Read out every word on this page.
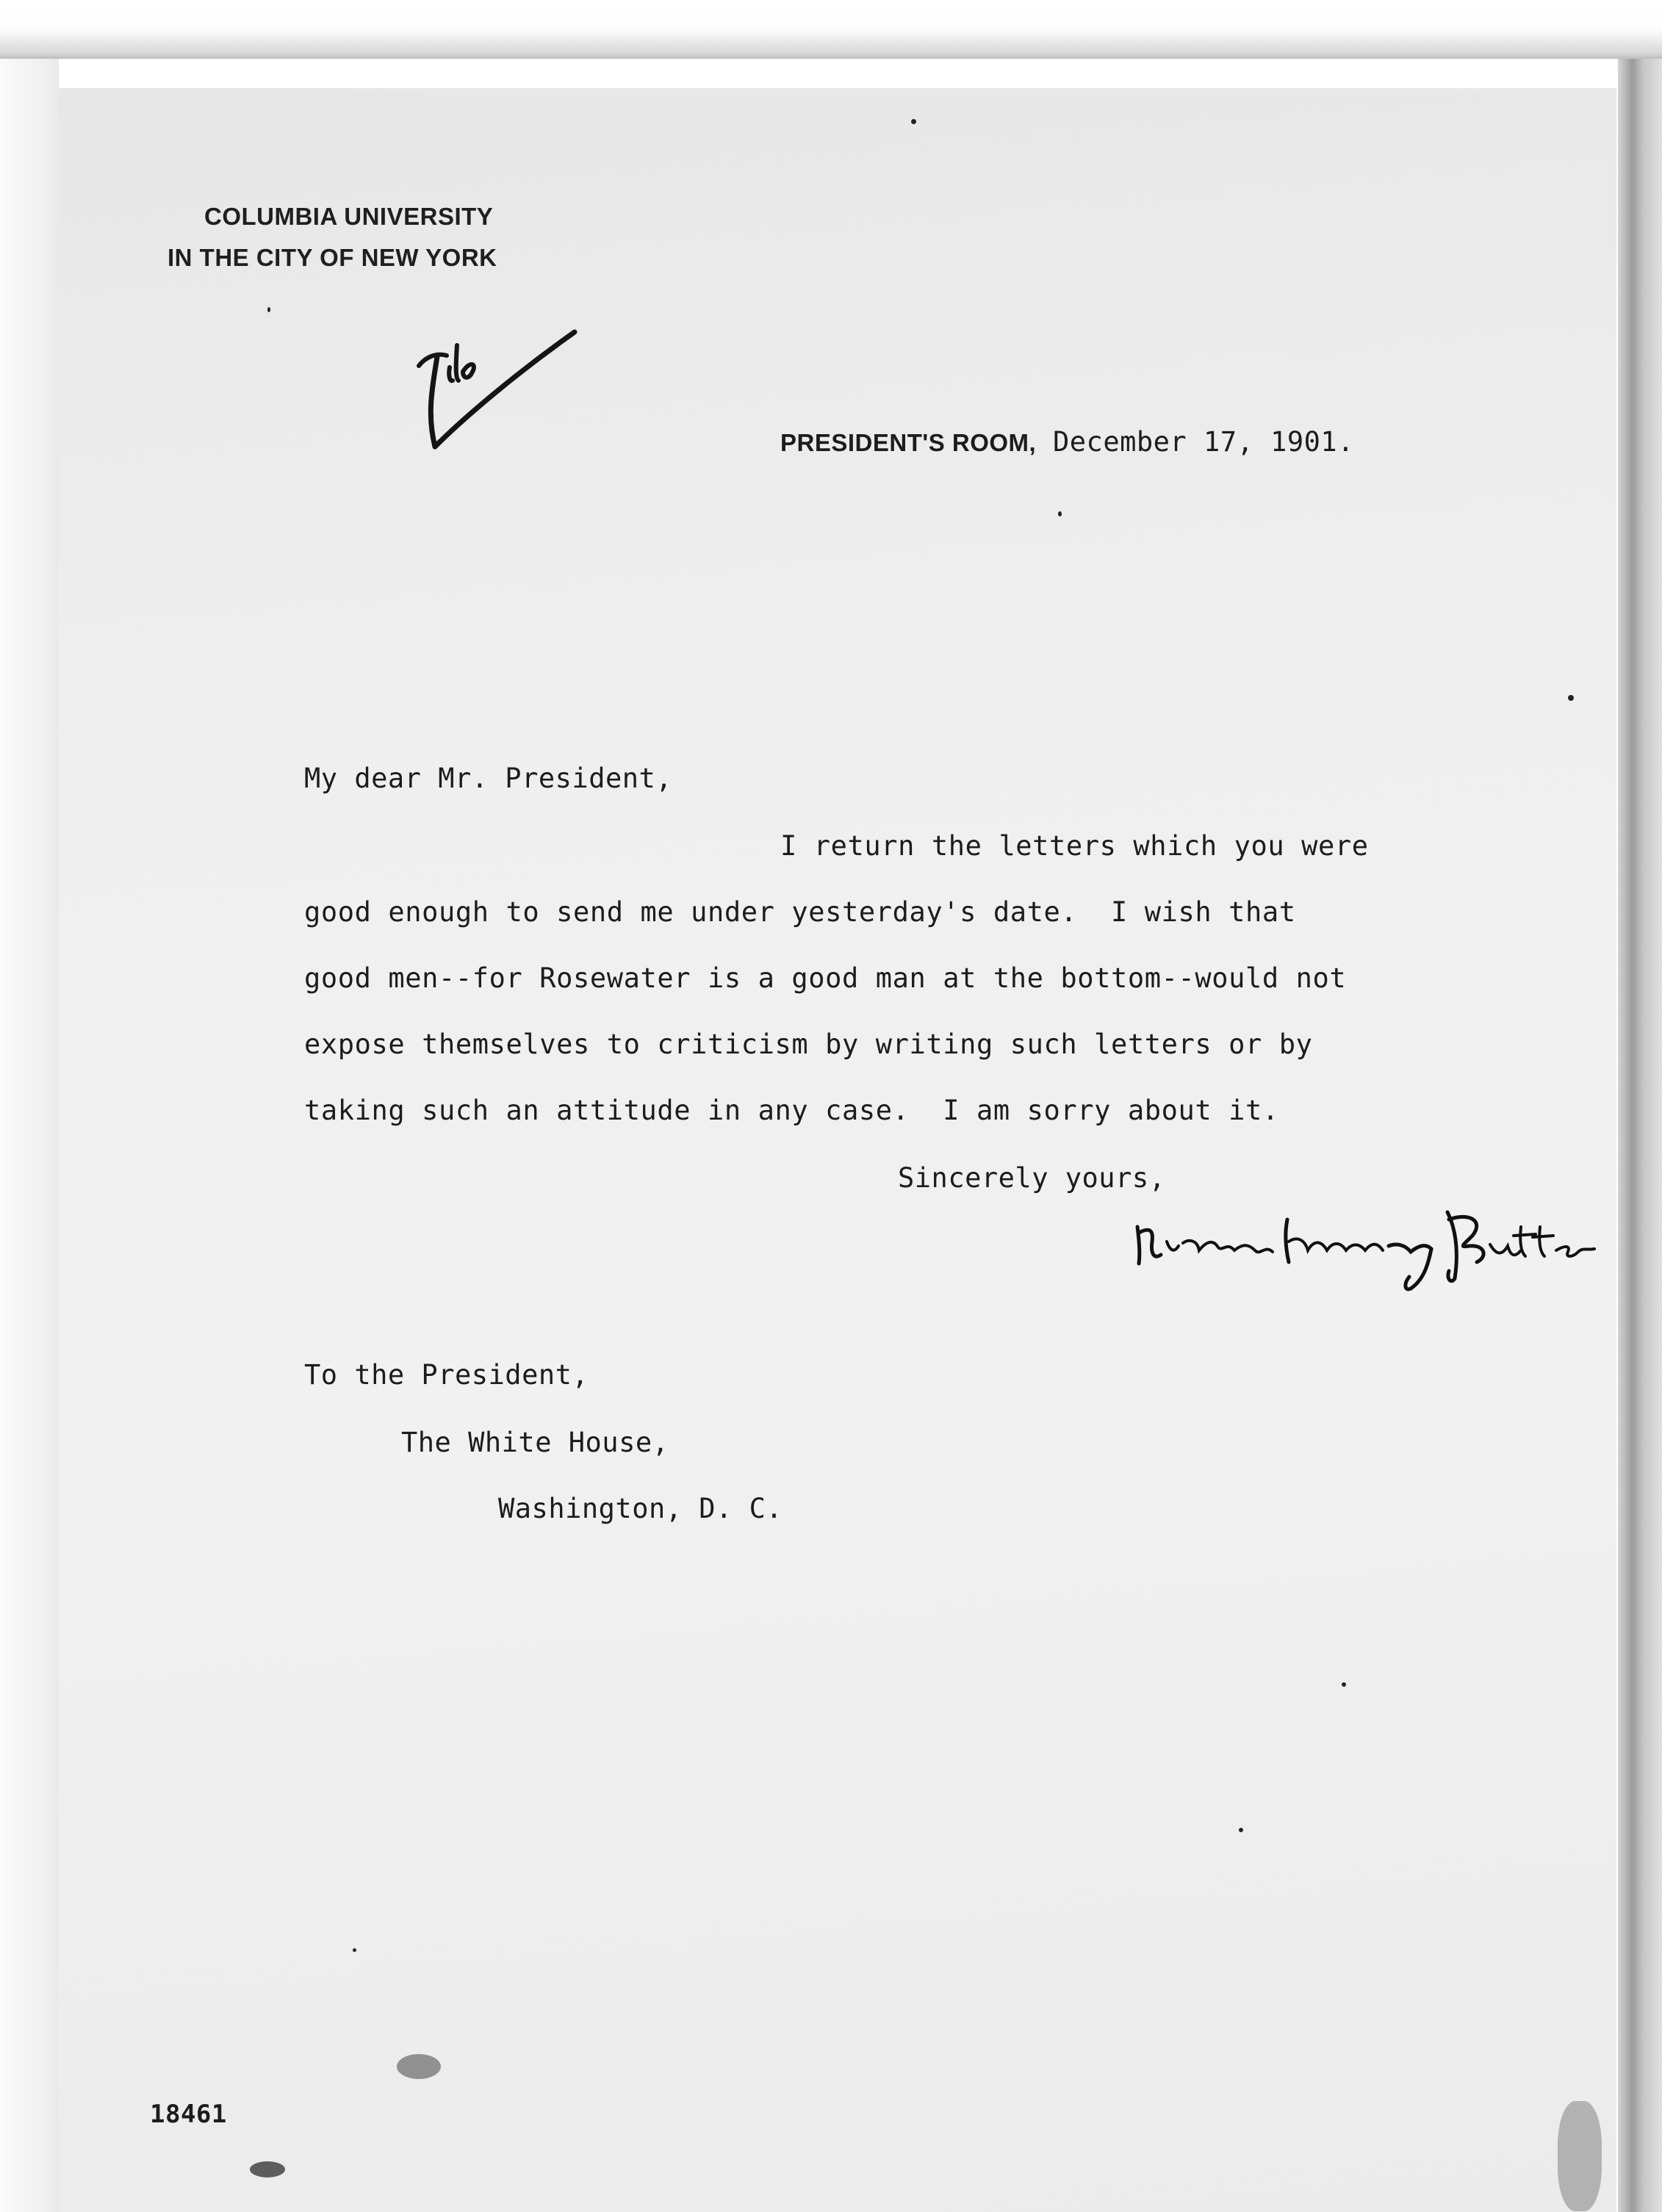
COLUMBIA UNIVERSITY
IN THE CITY OF NEW YORK
PRESIDENT'S ROOM, December 17, 1901.
My dear Mr. President,
I return the letters which you were
good enough to send me under yesterday's date.  I wish that
good men--for Rosewater is a good man at the bottom--would not
expose themselves to criticism by writing such letters or by
taking such an attitude in any case.  I am sorry about it.
Sincerely yours,
To the President,
The White House,
Washington, D. C.
18461
